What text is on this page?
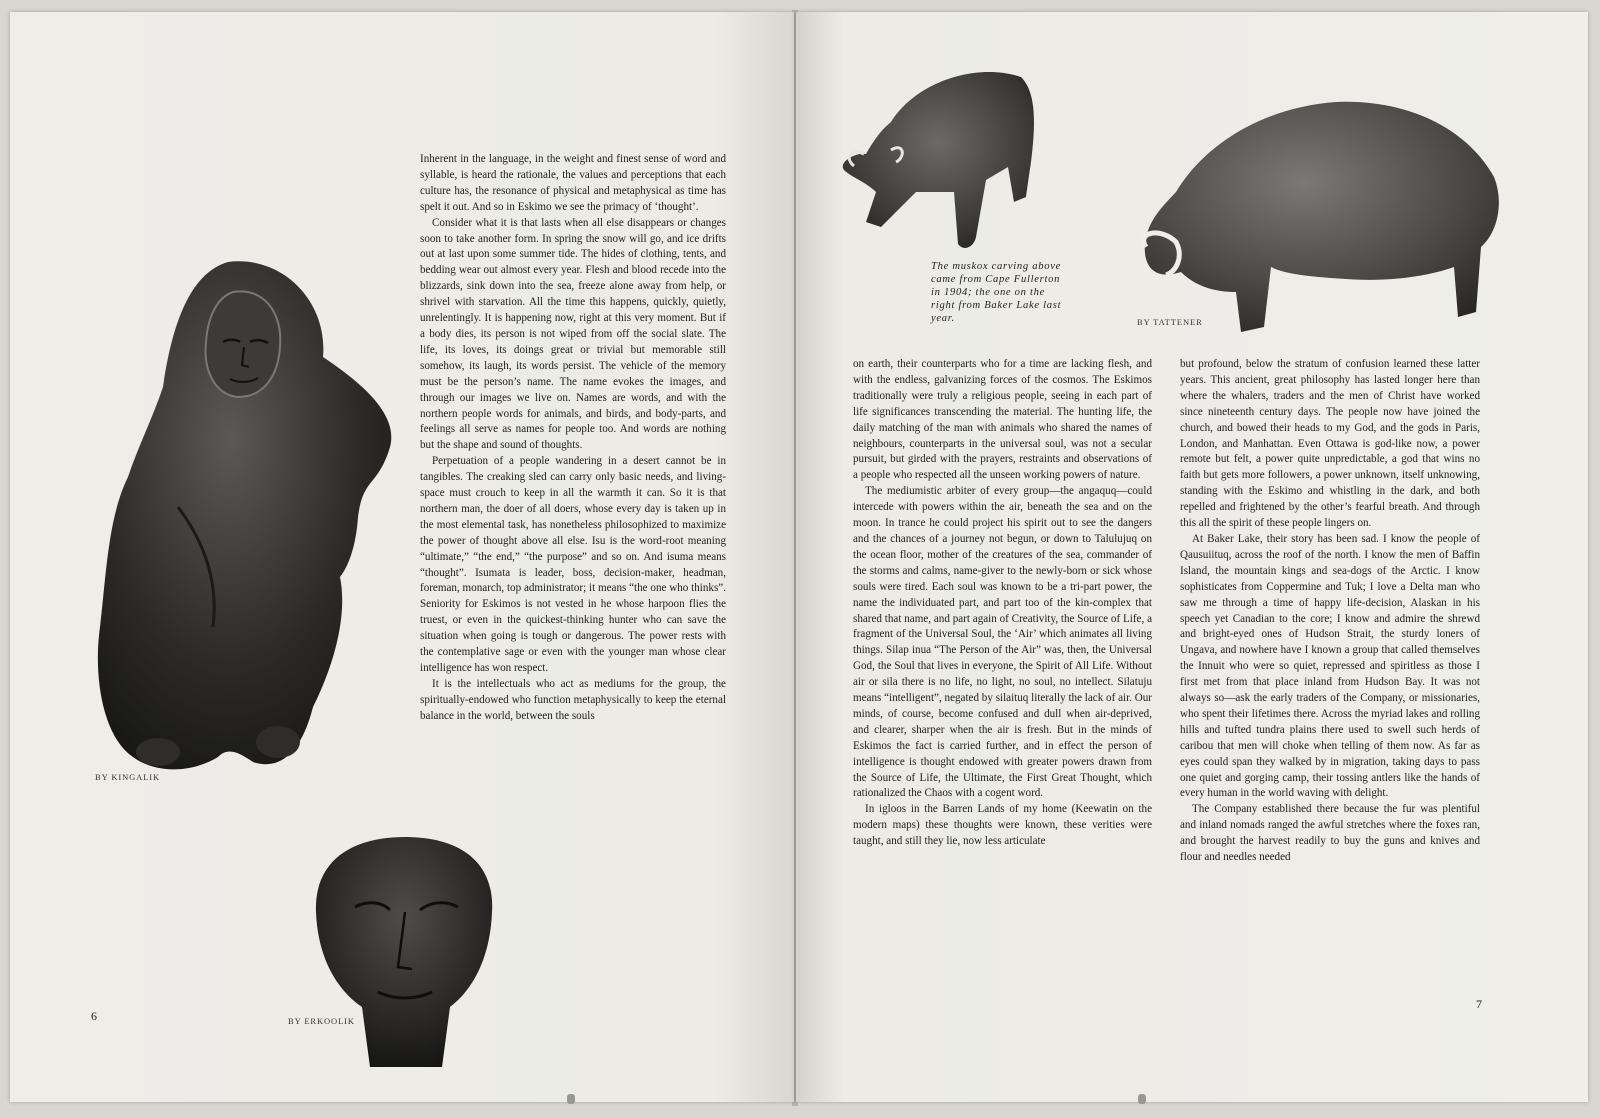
BY KINGALIK

Inherent in the language, in the weight and finest sense of word and syllable, is heard the rationale, the values and perceptions that each culture has, the resonance of physical and metaphysical as time has spelt it out. And so in Eskimo we see the primacy of ‘thought’.

Consider what it is that lasts when all else disappears or changes soon to take another form. In spring the snow will go, and ice drifts out at last upon some summer tide. The hides of clothing, tents, and bedding wear out almost every year. Flesh and blood recede into the blizzards, sink down into the sea, freeze alone away from help, or shrivel with starvation. All the time this happens, quickly, quietly, unrelentingly. It is happening now, right at this very moment. But if a body dies, its person is not wiped from off the social slate. The life, its loves, its doings great or trivial but memorable still somehow, its laugh, its words persist. The vehicle of the memory must be the person’s name. The name evokes the images, and through our images we live on. Names are words, and with the northern people words for animals, and birds, and body-parts, and feelings all serve as names for people too. And words are nothing but the shape and sound of thoughts.

Perpetuation of a people wandering in a desert cannot be in tangibles. The creaking sled can carry only basic needs, and living-space must crouch to keep in all the warmth it can. So it is that northern man, the doer of all doers, whose every day is taken up in the most elemental task, has nonetheless philosophized to maximize the power of thought above all else. Isu is the word-root meaning “ultimate,” “the end,” “the purpose” and so on. And isuma means “thought”. Isumata is leader, boss, decision-maker, headman, foreman, monarch, top administrator; it means “the one who thinks”. Seniority for Eskimos is not vested in he whose harpoon flies the truest, or even in the quickest-thinking hunter who can save the situation when going is tough or dangerous. The power rests with the contemplative sage or even with the younger man whose clear intelligence has won respect.

It is the intellectuals who act as mediums for the group, the spiritually-endowed who function metaphysically to keep the eternal balance in the world, between the souls

BY ERKOOLIK
6
The muskox carving above came from Cape Fullerton in 1904; the one on the right from Baker Lake last year.	BY TATTENER

on earth, their counterparts who for a time are lacking flesh, and with the endless, galvanizing forces of the cosmos. The Eskimos traditionally were truly a religious people, seeing in each part of life significances transcending the material. The hunting life, the daily matching of the man with animals who shared the names of neighbours, counterparts in the universal soul, was not a secular pursuit, but girded with the prayers, restraints and observations of a people who respected all the unseen working powers of nature.

The mediumistic arbiter of every group—the angaquq—could intercede with powers within the air, beneath the sea and on the moon. In trance he could project his spirit out to see the dangers and the chances of a journey not begun, or down to Talulujuq on the ocean floor, mother of the creatures of the sea, commander of the storms and calms, name-giver to the newly-born or sick whose souls were tired. Each soul was known to be a tri-part power, the name the individuated part, and part too of the kin-complex that shared that name, and part again of Creativity, the Source of Life, a fragment of the Universal Soul, the ‘Air’ which animates all living things. Silap inua “The Person of the Air” was, then, the Universal God, the Soul that lives in everyone, the Spirit of All Life. Without air or sila there is no life, no light, no soul, no intellect. Silatuju means “intelligent”, negated by silaituq literally the lack of air. Our minds, of course, become confused and dull when air-deprived, and clearer, sharper when the air is fresh. But in the minds of Eskimos the fact is carried further, and in effect the person of intelligence is thought endowed with greater powers drawn from the Source of Life, the Ultimate, the First Great Thought, which rationalized the Chaos with a cogent word.

In igloos in the Barren Lands of my home (Keewatin on the modern maps) these thoughts were known, these verities were taught, and still they lie, now less articulate

but profound, below the stratum of confusion learned these latter years. This ancient, great philosophy has lasted longer here than where the whalers, traders and the men of Christ have worked since nineteenth century days. The people now have joined the church, and bowed their heads to my God, and the gods in Paris, London, and Manhattan. Even Ottawa is god-like now, a power remote but felt, a power quite unpredictable, a god that wins no faith but gets more followers, a power unknown, itself unknowing, standing with the Eskimo and whistling in the dark, and both repelled and frightened by the other’s fearful breath. And through this all the spirit of these people lingers on.

At Baker Lake, their story has been sad. I know the people of Qausuiituq, across the roof of the north. I know the men of Baffin Island, the mountain kings and sea-dogs of the Arctic. I know sophisticates from Coppermine and Tuk; I love a Delta man who saw me through a time of happy life-decision, Alaskan in his speech yet Canadian to the core; I know and admire the shrewd and bright-eyed ones of Hudson Strait, the sturdy loners of Ungava, and nowhere have I known a group that called themselves the Innuit who were so quiet, repressed and spiritless as those I first met from that place inland from Hudson Bay. It was not always so—ask the early traders of the Company, or missionaries, who spent their lifetimes there. Across the myriad lakes and rolling hills and tufted tundra plains there used to swell such herds of caribou that men will choke when telling of them now. As far as eyes could span they walked by in migration, taking days to pass one quiet and gorging camp, their tossing antlers like the hands of every human in the world waving with delight.

The Company established there because the fur was plentiful and inland nomads ranged the awful stretches where the foxes ran, and brought the harvest readily to buy the guns and knives and flour and needles needed

7
